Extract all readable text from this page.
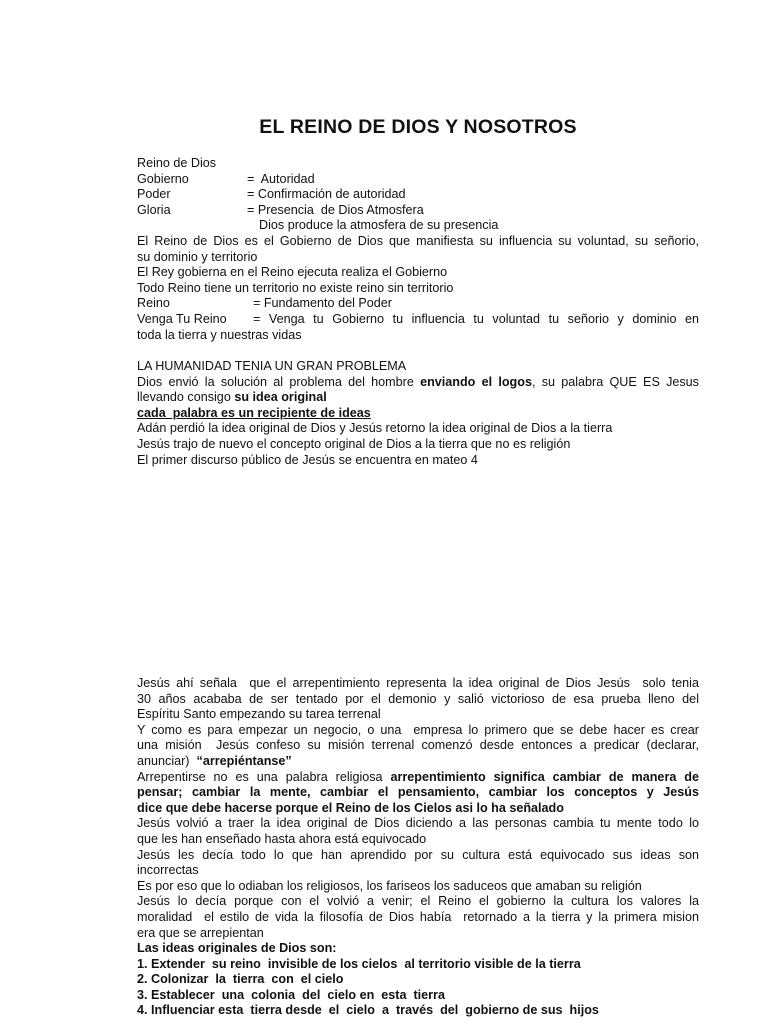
EL REINO DE DIOS Y NOSOTROS
Reino de Dios
Gobierno	=  Autoridad
Poder	= Confirmación de autoridad
Gloria	= Presencia  de Dios Atmosfera
Dios produce la atmosfera de su presencia
El Reino de Dios es el Gobierno de Dios que manifiesta su influencia su voluntad, su señorio,
su dominio y territorio
El Rey gobierna en el Reino ejecuta realiza el Gobierno
Todo Reino tiene un territorio no existe reino sin territorio
Reino	= Fundamento del Poder
Venga Tu Reino	= Venga tu Gobierno tu influencia tu voluntad tu señorio y dominio en
toda la tierra y nuestras vidas
LA HUMANIDAD TENIA UN GRAN PROBLEMA
Dios envió la solución al problema del hombre enviando el logos, su palabra QUE ES Jesus
llevando consigo su idea original
cada  palabra es un recipiente de ideas
Adán perdió la idea original de Dios y Jesús retorno la idea original de Dios a la tierra
Jesús trajo de nuevo el concepto original de Dios a la tierra que no es religión
El primer discurso público de Jesús se encuentra en mateo 4
Jesús ahí señala  que el arrepentimiento representa la idea original de Dios Jesús  solo tenia
30 años acababa de ser tentado por el demonio y salió victorioso de esa prueba lleno del
Espíritu Santo empezando su tarea terrenal
Y como es para empezar un negocio, o una  empresa lo primero que se debe hacer es crear
una misión  Jesús confeso su misión terrenal comenzó desde entonces a predicar (declarar,
anunciar)  “arrepiéntanse”
Arrepentirse no es una palabra religiosa arrepentimiento significa cambiar de manera de
pensar; cambiar la mente, cambiar el pensamiento, cambiar los conceptos y Jesús
dice que debe hacerse porque el Reino de los Cielos asi lo ha señalado
Jesús volvió a traer la idea original de Dios diciendo a las personas cambia tu mente todo lo
que les han enseñado hasta ahora está equivocado
Jesús les decía todo lo que han aprendido por su cultura está equivocado sus ideas son
incorrectas
Es por eso que lo odiaban los religiosos, los fariseos los saduceos que amaban su religión
Jesús lo decía porque con el volvió a venir; el Reino el gobierno la cultura los valores la
moralidad  el estilo de vida la filosofía de Dios había  retornado a la tierra y la primera mision
era que se arrepientan
Las ideas originales de Dios son:
1. Extender  su reino  invisible de los cielos  al territorio visible de la tierra
2. Colonizar  la  tierra  con  el cielo
3. Establecer  una  colonia  del  cielo en  esta  tierra
4. Influenciar esta  tierra desde  el  cielo  a  través  del  gobierno de sus  hijos
